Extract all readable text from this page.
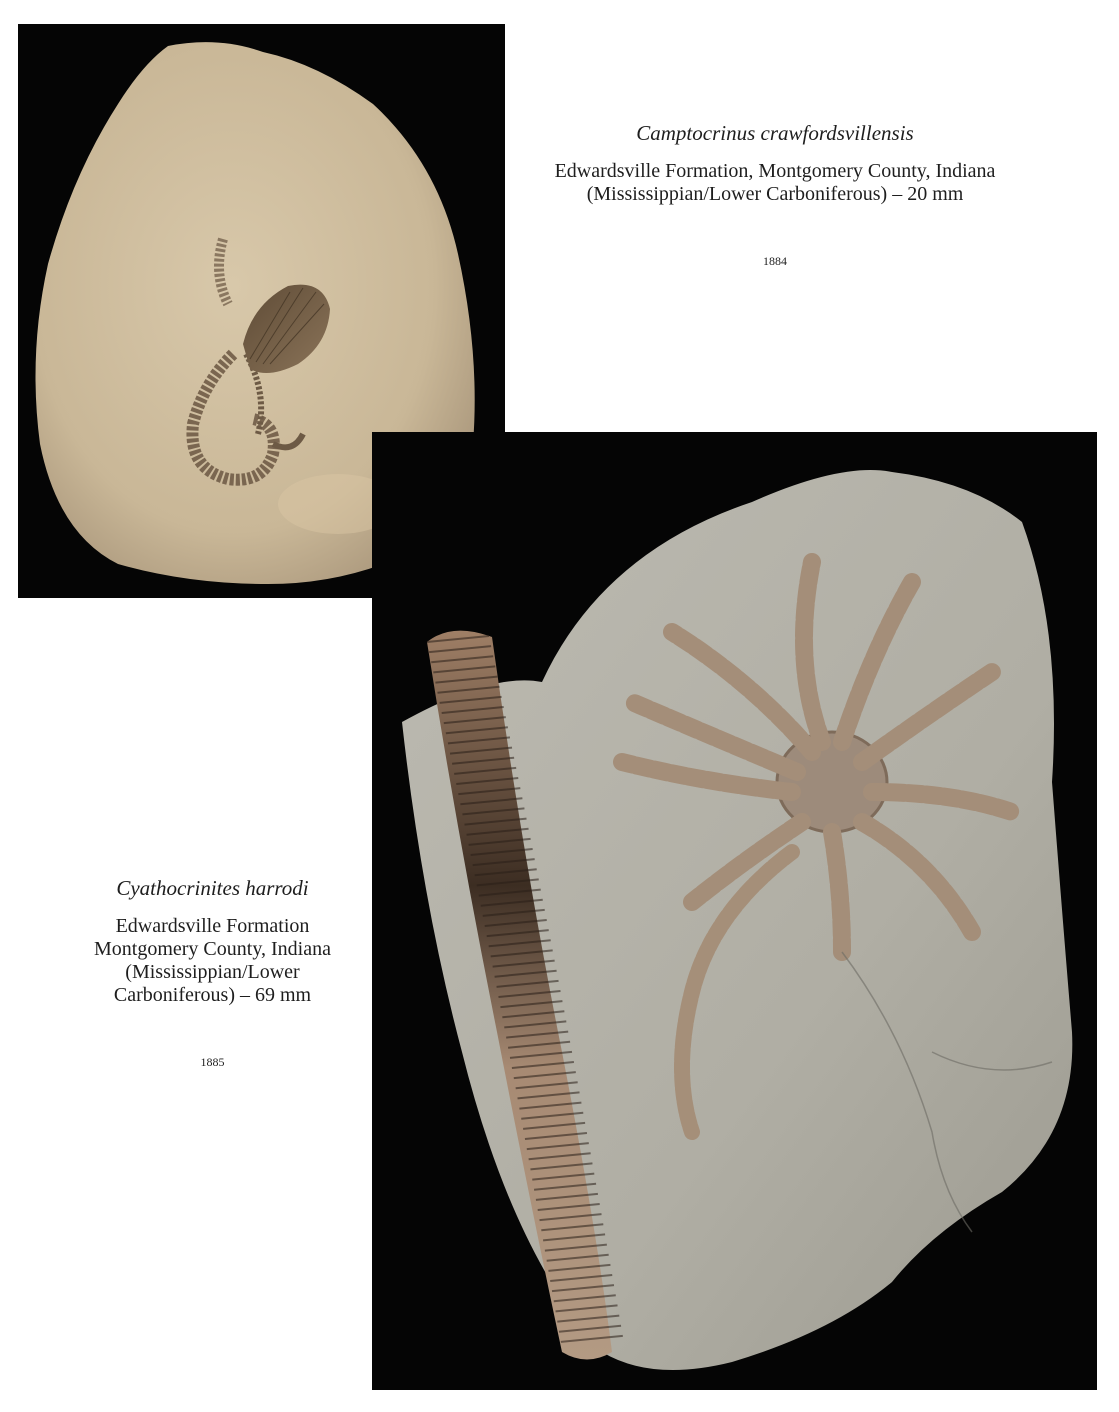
Camptocrinus crawfordsvillensis
Edwardsville Formation, Montgomery County, Indiana
(Mississippian/Lower Carboniferous) – 20 mm
1884
Cyathocrinites harrodi
Edwardsville Formation
Montgomery County, Indiana
(Mississippian/Lower
Carboniferous) – 69 mm
1885
